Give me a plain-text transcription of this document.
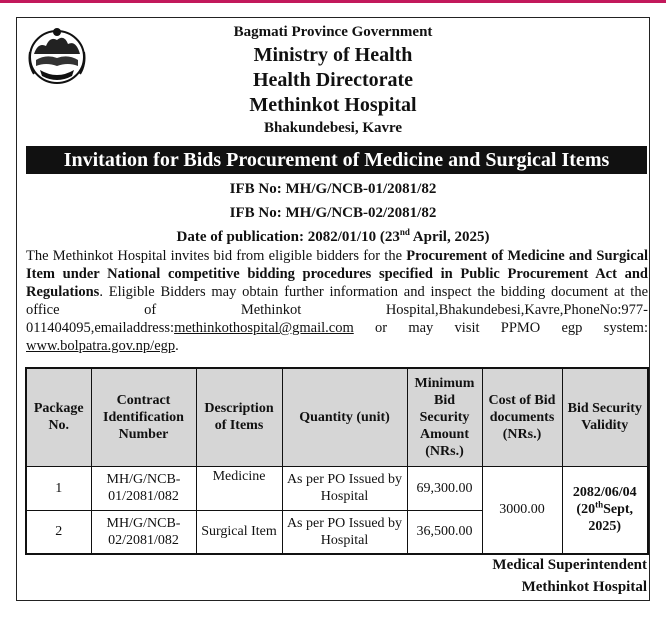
Bagmati Province Government
Ministry of Health
Health Directorate
Methinkot Hospital
Bhakundebesi, Kavre
Invitation for Bids Procurement of Medicine and Surgical Items
IFB No: MH/G/NCB-01/2081/82
IFB No: MH/G/NCB-02/2081/82
Date of publication: 2082/01/10 (23nd April, 2025)

The Methinkot Hospital invites bid from eligible bidders for the Procurement of Medicine and Surgical Item under National competitive bidding procedures specified in Public Procurement Act and Regulations. Eligible Bidders may obtain further information and inspect the bidding document at the office of Methinkot Hospital,Bhakundebesi,Kavre,PhoneNo:977-011404095,emailaddress:methinkothospital@gmail.com or may visit PPMO egp system: www.bolpatra.gov.np/egp.

Package No.	Contract Identification Number	Description of Items	Quantity (unit)	Minimum Bid Security Amount (NRs.)	Cost of Bid documents (NRs.)	Bid Security Validity
1	MH/G/NCB-01/2081/082	Medicine	As per PO Issued by Hospital	69,300.00	3000.00	2082/06/04
(20thSept, 2025)
2	MH/G/NCB-02/2081/082	Surgical Item	As per PO Issued by Hospital	36,500.00		
Medical Superintendent
Methinkot Hospital
